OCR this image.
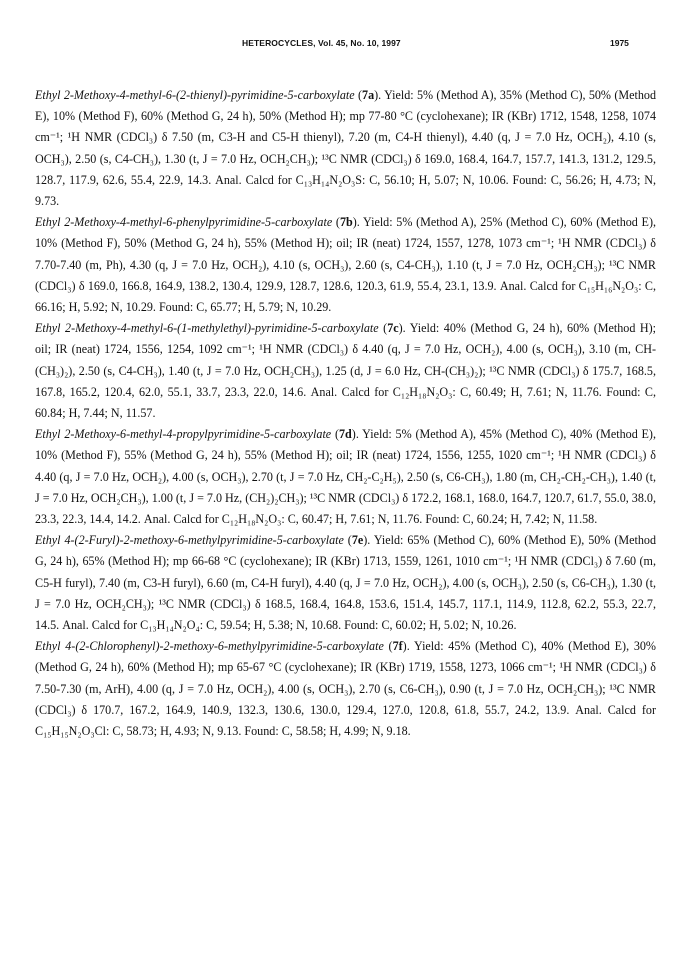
HETEROCYCLES, Vol. 45, No. 10, 1997	1975

Ethyl 2-Methoxy-4-methyl-6-(2-thienyl)-pyrimidine-5-carboxylate (7a). Yield: 5% (Method A), 35% (Method C), 50% (Method E), 10% (Method F), 60% (Method G, 24 h), 50% (Method H); mp 77-80 °C (cyclohexane); IR (KBr) 1712, 1548, 1258, 1074 cm⁻¹; ¹H NMR (CDCl₃) δ 7.50 (m, C3-H and C5-H thienyl), 7.20 (m, C4-H thienyl), 4.40 (q, J = 7.0 Hz, OCH₂), 4.10 (s, OCH₃), 2.50 (s, C4-CH₃), 1.30 (t, J = 7.0 Hz, OCH₂CH₃); ¹³C NMR (CDCl₃) δ 169.0, 168.4, 164.7, 157.7, 141.3, 131.2, 129.5, 128.7, 117.9, 62.6, 55.4, 22.9, 14.3. Anal. Calcd for C₁₃H₁₄N₂O₃S: C, 56.10; H, 5.07; N, 10.06. Found: C, 56.26; H, 4.73; N, 9.73.

Ethyl 2-Methoxy-4-methyl-6-phenylpyrimidine-5-carboxylate (7b). Yield: 5% (Method A), 25% (Method C), 60% (Method E), 10% (Method F), 50% (Method G, 24 h), 55% (Method H); oil; IR (neat) 1724, 1557, 1278, 1073 cm⁻¹; ¹H NMR (CDCl₃) δ 7.70-7.40 (m, Ph), 4.30 (q, J = 7.0 Hz, OCH₂), 4.10 (s, OCH₃), 2.60 (s, C4-CH₃), 1.10 (t, J = 7.0 Hz, OCH₂CH₃); ¹³C NMR (CDCl₃) δ 169.0, 166.8, 164.9, 138.2, 130.4, 129.9, 128.7, 128.6, 120.3, 61.9, 55.4, 23.1, 13.9. Anal. Calcd for C₁₅H₁₆N₂O₃: C, 66.16; H, 5.92; N, 10.29. Found: C, 65.77; H, 5.79; N, 10.29.

Ethyl 2-Methoxy-4-methyl-6-(1-methylethyl)-pyrimidine-5-carboxylate (7c). Yield: 40% (Method G, 24 h), 60% (Method H); oil; IR (neat) 1724, 1556, 1254, 1092 cm⁻¹; ¹H NMR (CDCl₃) δ 4.40 (q, J = 7.0 Hz, OCH₂), 4.00 (s, OCH₃), 3.10 (m, CH-(CH₃)₂), 2.50 (s, C4-CH₃), 1.40 (t, J = 7.0 Hz, OCH₂CH₃), 1.25 (d, J = 6.0 Hz, CH-(CH₃)₂); ¹³C NMR (CDCl₃) δ 175.7, 168.5, 167.8, 165.2, 120.4, 62.0, 55.1, 33.7, 23.3, 22.0, 14.6. Anal. Calcd for C₁₂H₁₈N₂O₃: C, 60.49; H, 7.61; N, 11.76. Found: C, 60.84; H, 7.44; N, 11.57.

Ethyl 2-Methoxy-6-methyl-4-propylpyrimidine-5-carboxylate (7d). Yield: 5% (Method A), 45% (Method C), 40% (Method E), 10% (Method F), 55% (Method G, 24 h), 55% (Method H); oil; IR (neat) 1724, 1556, 1255, 1020 cm⁻¹; ¹H NMR (CDCl₃) δ 4.40 (q, J = 7.0 Hz, OCH₂), 4.00 (s, OCH₃), 2.70 (t, J = 7.0 Hz, CH₂-C₂H₅), 2.50 (s, C6-CH₃), 1.80 (m, CH₂-CH₂-CH₃), 1.40 (t, J = 7.0 Hz, OCH₂CH₃), 1.00 (t, J = 7.0 Hz, (CH₂)₂CH₃); ¹³C NMR (CDCl₃) δ 172.2, 168.1, 168.0, 164.7, 120.7, 61.7, 55.0, 38.0, 23.3, 22.3, 14.4, 14.2. Anal. Calcd for C₁₂H₁₈N₂O₃: C, 60.47; H, 7.61; N, 11.76. Found: C, 60.24; H, 7.42; N, 11.58.

Ethyl 4-(2-Furyl)-2-methoxy-6-methylpyrimidine-5-carboxylate (7e). Yield: 65% (Method C), 60% (Method E), 50% (Method G, 24 h), 65% (Method H); mp 66-68 °C (cyclohexane); IR (KBr) 1713, 1559, 1261, 1010 cm⁻¹; ¹H NMR (CDCl₃) δ 7.60 (m, C5-H furyl), 7.40 (m, C3-H furyl), 6.60 (m, C4-H furyl), 4.40 (q, J = 7.0 Hz, OCH₂), 4.00 (s, OCH₃), 2.50 (s, C6-CH₃), 1.30 (t, J = 7.0 Hz, OCH₂CH₃); ¹³C NMR (CDCl₃) δ 168.5, 168.4, 164.8, 153.6, 151.4, 145.7, 117.1, 114.9, 112.8, 62.2, 55.3, 22.7, 14.5. Anal. Calcd for C₁₃H₁₄N₂O₄: C, 59.54; H, 5.38; N, 10.68. Found: C, 60.02; H, 5.02; N, 10.26.

Ethyl 4-(2-Chlorophenyl)-2-methoxy-6-methylpyrimidine-5-carboxylate (7f). Yield: 45% (Method C), 40% (Method E), 30% (Method G, 24 h), 60% (Method H); mp 65-67 °C (cyclohexane); IR (KBr) 1719, 1558, 1273, 1066 cm⁻¹; ¹H NMR (CDCl₃) δ 7.50-7.30 (m, ArH), 4.00 (q, J = 7.0 Hz, OCH₂), 4.00 (s, OCH₃), 2.70 (s, C6-CH₃), 0.90 (t, J = 7.0 Hz, OCH₂CH₃); ¹³C NMR (CDCl₃) δ 170.7, 167.2, 164.9, 140.9, 132.3, 130.6, 130.0, 129.4, 127.0, 120.8, 61.8, 55.7, 24.2, 13.9. Anal. Calcd for C₁₅H₁₅N₂O₃Cl: C, 58.73; H, 4.93; N, 9.13. Found: C, 58.58; H, 4.99; N, 9.18.
